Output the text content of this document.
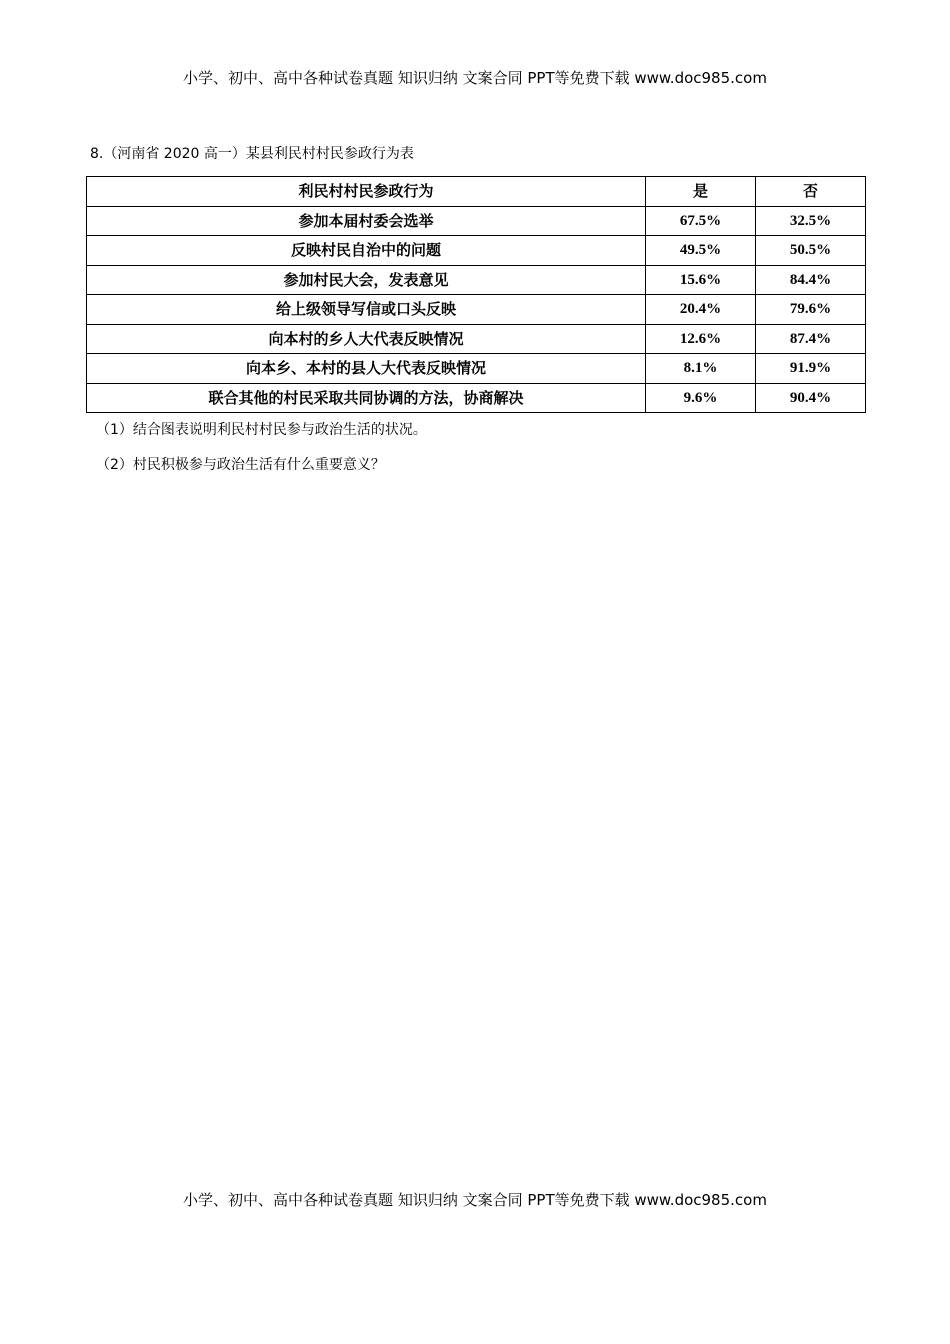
小学、初中、高中各种试卷真题 知识归纳 文案合同 PPT等免费下载 www.doc985.com
8.（河南省 2020 高一）某县利民村村民参政行为表
利民村村民参政行为	是	否
参加本届村委会选举	67.5%	32.5%
反映村民自治中的问题	49.5%	50.5%
参加村民大会，发表意见	15.6%	84.4%
给上级领导写信或口头反映	20.4%	79.6%
向本村的乡人大代表反映情况	12.6%	87.4%
向本乡、本村的县人大代表反映情况	8.1%	91.9%
联合其他的村民采取共同协调的方法，协商解决	9.6%	90.4%
（1）结合图表说明利民村村民参与政治生活的状况。
（2）村民积极参与政治生活有什么重要意义？
小学、初中、高中各种试卷真题 知识归纳 文案合同 PPT等免费下载 www.doc985.com
